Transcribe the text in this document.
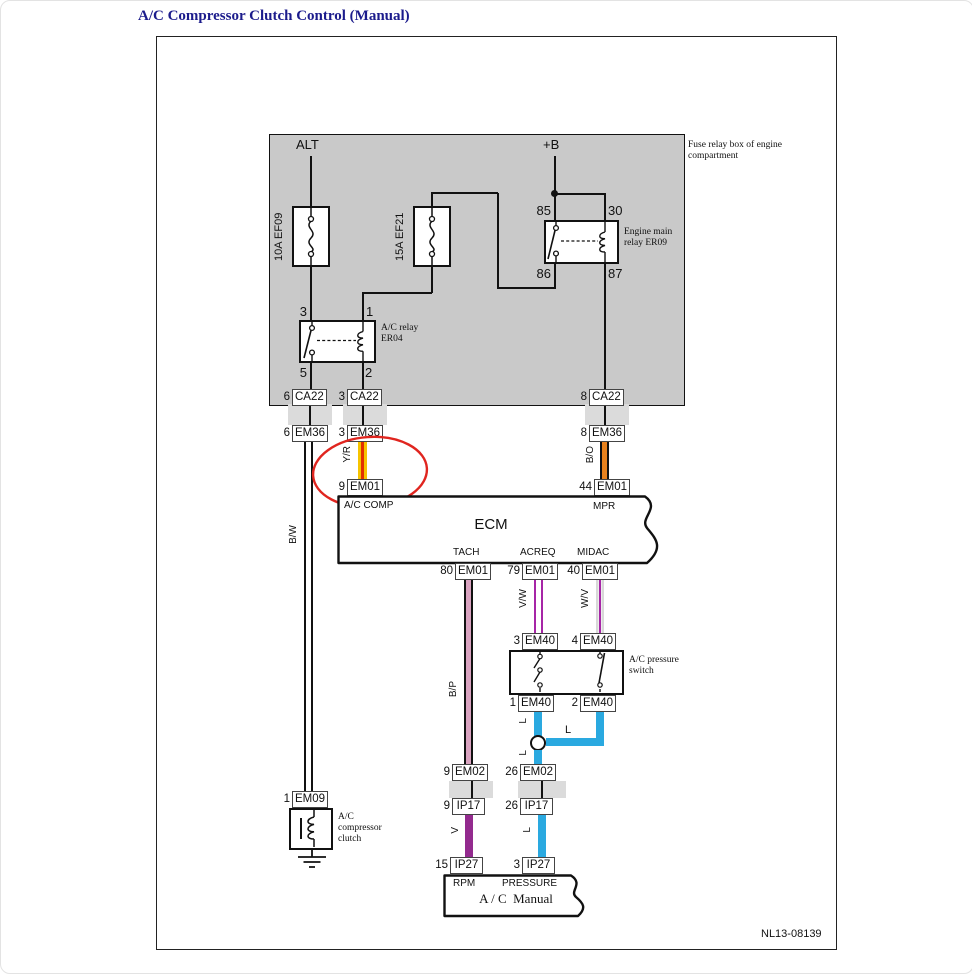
A/C Compressor Clutch Control (Manual)
Fuse relay box of engine compartment
ALT	+B
10A EF09	15A EF21
85	30
86	87
Engine main relay ER09
3	1
5	2
A/C relay ER04
6 CA22	3 CA22	8 CA22
6 EM36	3 EM36	8 EM36
Y/R	B/O
B/W
9 EM01	44 EM01
A/C COMP	MPR
ECM
TACH	ACREQ MIDAC
80 EM01	79 EM01	40 EM01
B/P
V/W	W/V
3 EM40	4 EM40
A/C pressure switch
1 EM40	2 EM40
L
L
L
9 EM02	26 EM02
9 IP17	26 IP17
V	L
15 IP27	3 IP27
RPM	PRESSURE
A / C  Manual
1 EM09
A/C compressor clutch
NL13-08139
